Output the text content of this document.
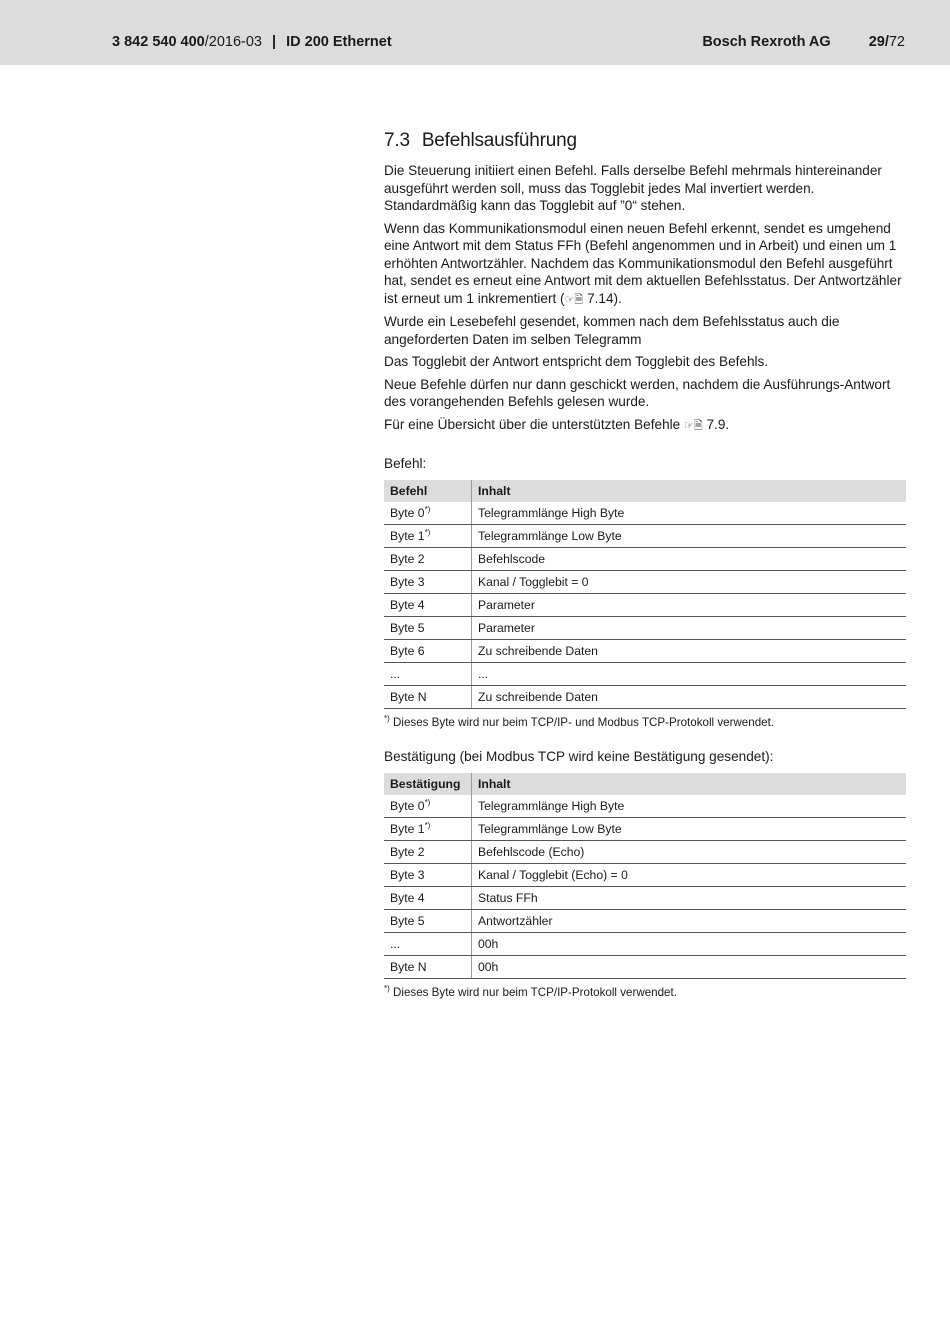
3 842 540 400/2016-03 | ID 200 Ethernet	Bosch Rexroth AG	29/72
7.3 Befehlsausführung

Die Steuerung initiiert einen Befehl. Falls derselbe Befehl mehrmals hintereinander ausgeführt werden soll, muss das Togglebit jedes Mal invertiert werden. Standardmäßig kann das Togglebit auf ”0“ stehen.

Wenn das Kommunikationsmodul einen neuen Befehl erkennt, sendet es umgehend eine Antwort mit dem Status FFh (Befehl angenommen und in Arbeit) und einen um 1 erhöhten Antwortzähler. Nachdem das Kommunikationsmodul den Befehl ausgeführt hat, sendet es erneut eine Antwort mit dem aktuellen Befehlsstatus. Der Antwortzähler ist erneut um 1 inkrementiert (☞🗎 7.14).

Wurde ein Lesebefehl gesendet, kommen nach dem Befehlsstatus auch die angeforderten Daten im selben Telegramm

Das Togglebit der Antwort entspricht dem Togglebit des Befehls.

Neue Befehle dürfen nur dann geschickt werden, nachdem die Ausführungs-Antwort des vorangehenden Befehls gelesen wurde.

Für eine Übersicht über die unterstützten Befehle ☞🗎 7.9.

Befehl:
Befehl	Inhalt
Byte 0*)	Telegrammlänge High Byte
Byte 1*)	Telegrammlänge Low Byte
Byte 2	Befehlscode
Byte 3	Kanal / Togglebit = 0
Byte 4	Parameter
Byte 5	Parameter
Byte 6	Zu schreibende Daten
...	...
Byte N	Zu schreibende Daten
*) Dieses Byte wird nur beim TCP/IP- und Modbus TCP-Protokoll verwendet.
Bestätigung (bei Modbus TCP wird keine Bestätigung gesendet):
Bestätigung	Inhalt
Byte 0*)	Telegrammlänge High Byte
Byte 1*)	Telegrammlänge Low Byte
Byte 2	Befehlscode (Echo)
Byte 3	Kanal / Togglebit (Echo) = 0
Byte 4	Status FFh
Byte 5	Antwortzähler
...	00h
Byte N	00h
*) Dieses Byte wird nur beim TCP/IP-Protokoll verwendet.
